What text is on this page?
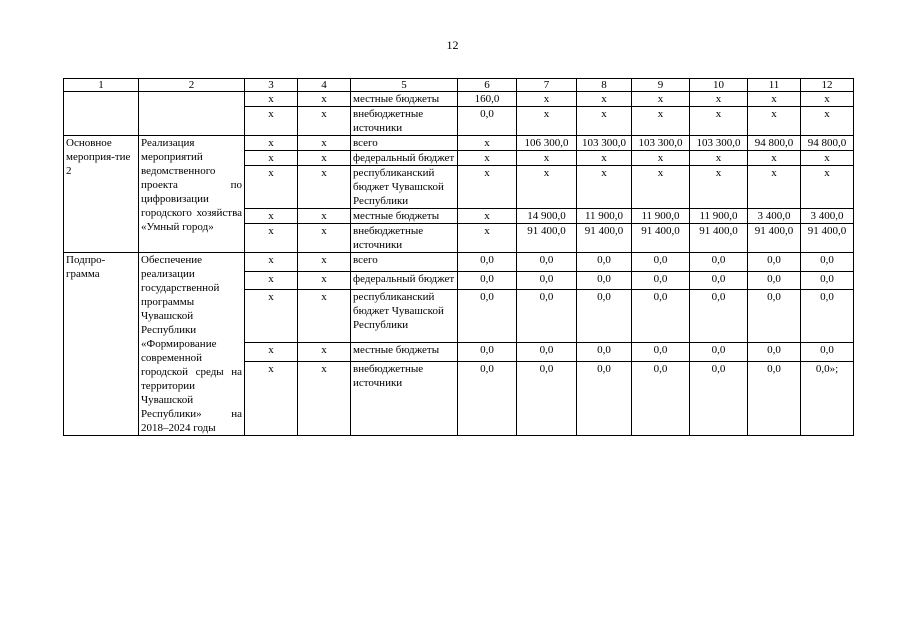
12
1	2	3	4	5	6	7	8	9	10	11	12
		x	x	местные бюджеты	160,0	x	x	x	x	x	x
		x	x	внебюджетные источники	0,0	x	x	x	x	x	x
Основное мероприя-тие 2	Реализация мероприятий ведомственного проекта по цифровизации городского хозяйства «Умный город»	x	x	всего	x	106 300,0	103 300,0	103 300,0	103 300,0	94 800,0	94 800,0
		x	x	федеральный бюджет	x	x	x	x	x	x	x
		x	x	республиканский бюджет Чувашской Республики	x	x	x	x	x	x	x
		x	x	местные бюджеты	x	14 900,0	11 900,0	11 900,0	11 900,0	3 400,0	3 400,0
		x	x	внебюджетные источники	x	91 400,0	91 400,0	91 400,0	91 400,0	91 400,0	91 400,0
Подпро-грамма	Обеспечение реализации государственной программы Чувашской Республики «Формирование современной городской среды на территории Чувашской Республики» на 2018–2024 годы	x	x	всего	0,0	0,0	0,0	0,0	0,0	0,0	0,0
		x	x	федеральный бюджет	0,0	0,0	0,0	0,0	0,0	0,0	0,0
		x	x	республиканский бюджет Чувашской Республики	0,0	0,0	0,0	0,0	0,0	0,0	0,0
		x	x	местные бюджеты	0,0	0,0	0,0	0,0	0,0	0,0	0,0
		x	x	внебюджетные источники	0,0	0,0	0,0	0,0	0,0	0,0	0,0»;
